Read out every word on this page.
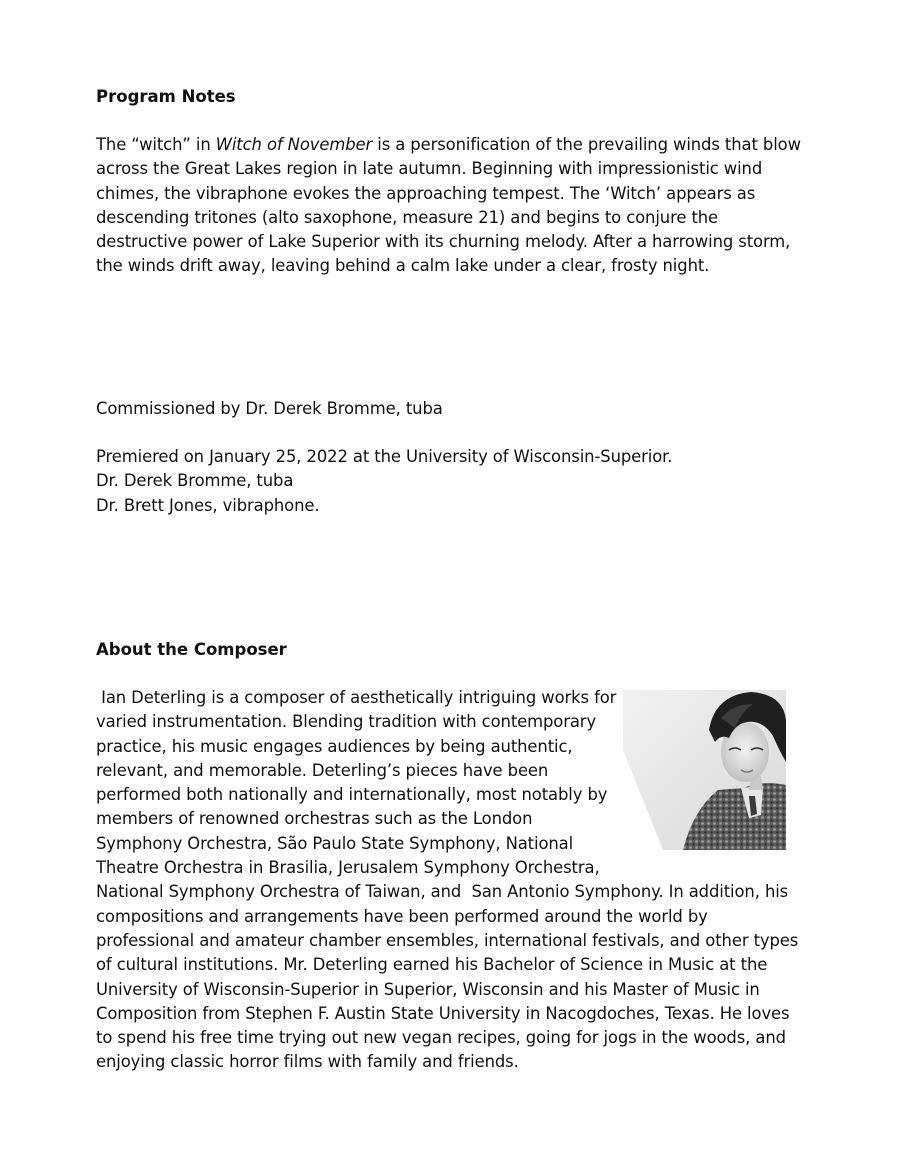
Program Notes

The “witch” in Witch of November is a personification of the prevailing winds that blow
across the Great Lakes region in late autumn. Beginning with impressionistic wind
chimes, the vibraphone evokes the approaching tempest. The ‘Witch’ appears as
descending tritones (alto saxophone, measure 21) and begins to conjure the
destructive power of Lake Superior with its churning melody. After a harrowing storm,
the winds drift away, leaving behind a calm lake under a clear, frosty night.

Commissioned by Dr. Derek Bromme, tuba

Premiered on January 25, 2022 at the University of Wisconsin-Superior.
Dr. Derek Bromme, tuba
Dr. Brett Jones, vibraphone.

About the Composer

Ian Deterling is a composer of aesthetically intriguing works for
varied instrumentation. Blending tradition with contemporary
practice, his music engages audiences by being authentic,
relevant, and memorable. Deterling’s pieces have been
performed both nationally and internationally, most notably by
members of renowned orchestras such as the London
Symphony Orchestra, São Paulo State Symphony, National
Theatre Orchestra in Brasilia, Jerusalem Symphony Orchestra,
National Symphony Orchestra of Taiwan, and  San Antonio Symphony. In addition, his
compositions and arrangements have been performed around the world by
professional and amateur chamber ensembles, international festivals, and other types
of cultural institutions. Mr. Deterling earned his Bachelor of Science in Music at the
University of Wisconsin-Superior in Superior, Wisconsin and his Master of Music in
Composition from Stephen F. Austin State University in Nacogdoches, Texas. He loves
to spend his free time trying out new vegan recipes, going for jogs in the woods, and
enjoying classic horror films with family and friends.
